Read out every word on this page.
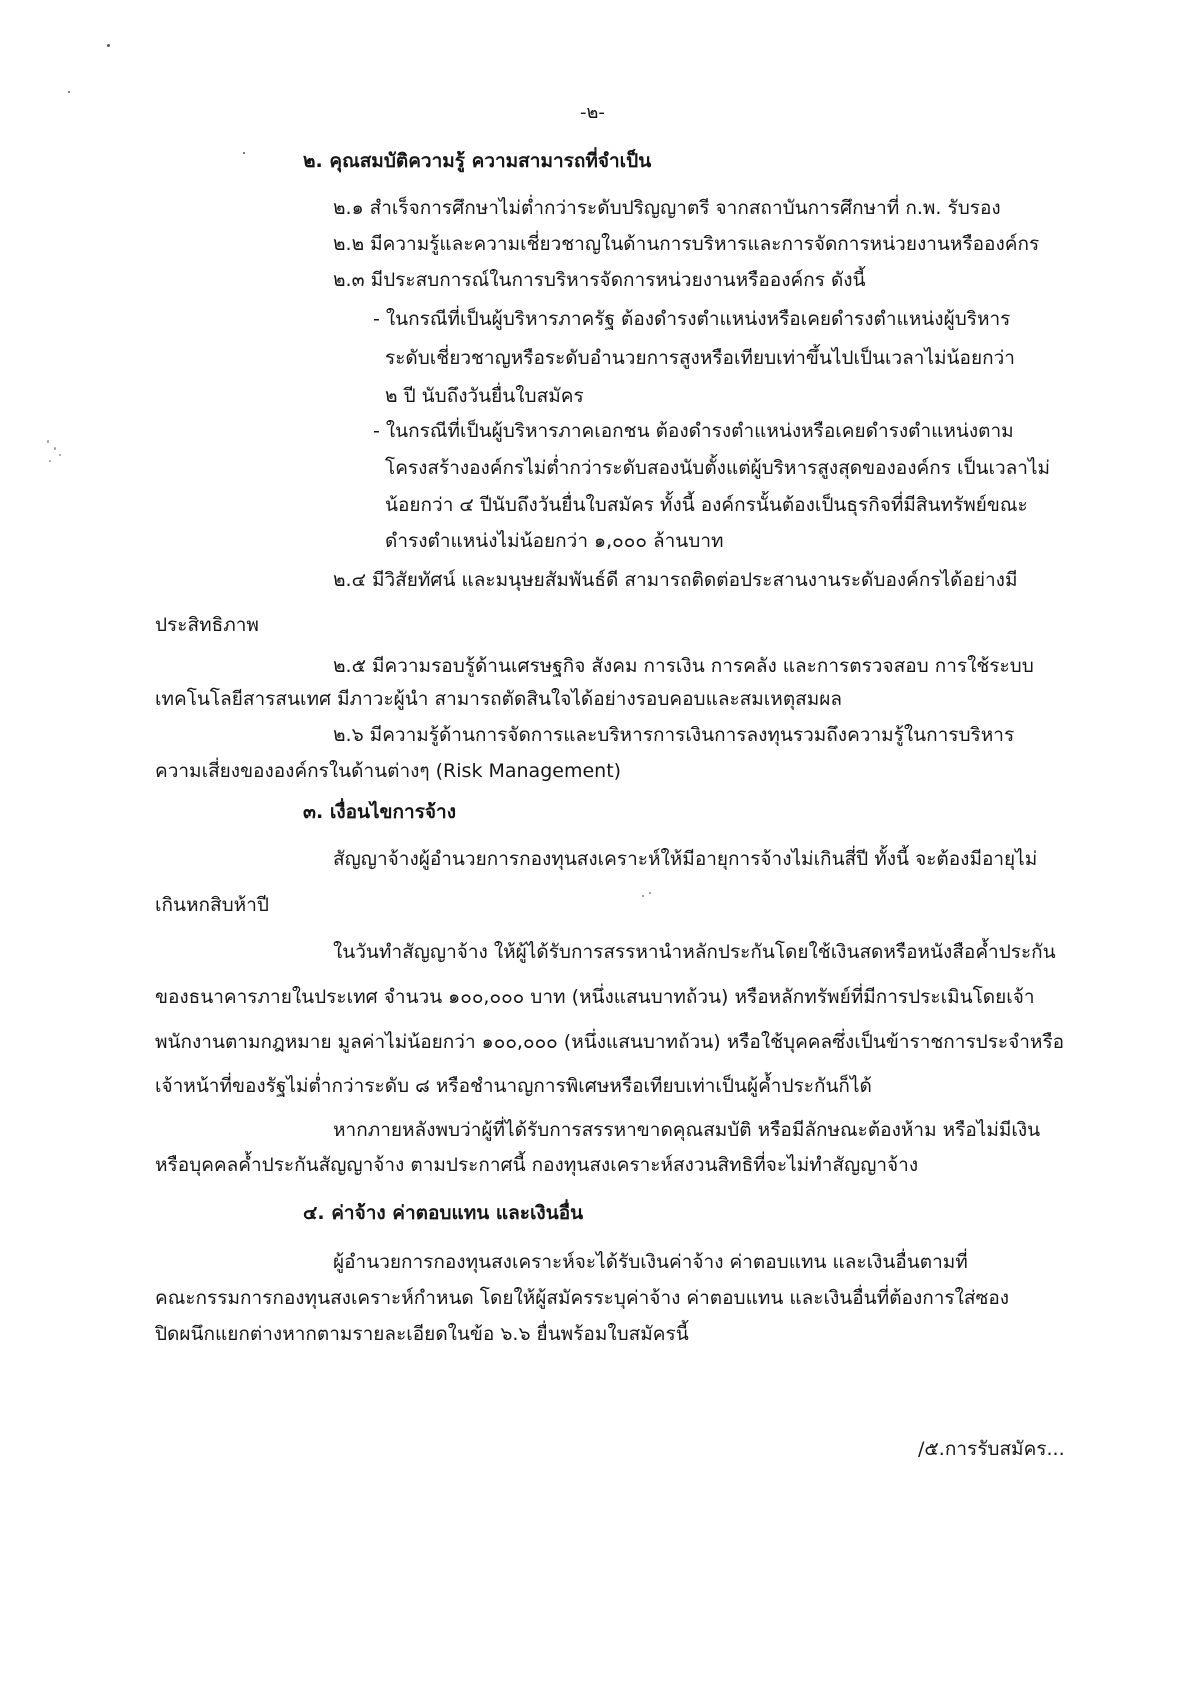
-๒-

๒. คุณสมบัติความรู้ ความสามารถที่จำเป็น

๒.๑ สำเร็จการศึกษาไม่ต่ำกว่าระดับปริญญาตรี จากสถาบันการศึกษาที่ ก.พ. รับรอง

๒.๒ มีความรู้และความเชี่ยวชาญในด้านการบริหารและการจัดการหน่วยงานหรือองค์กร

๒.๓ มีประสบการณ์ในการบริหารจัดการหน่วยงานหรือองค์กร ดังนี้

- ในกรณีที่เป็นผู้บริหารภาครัฐ ต้องดำรงตำแหน่งหรือเคยดำรงตำแหน่งผู้บริหาร

ระดับเชี่ยวชาญหรือระดับอำนวยการสูงหรือเทียบเท่าขึ้นไปเป็นเวลาไม่น้อยกว่า

๒ ปี นับถึงวันยื่นใบสมัคร

- ในกรณีที่เป็นผู้บริหารภาคเอกชน ต้องดำรงตำแหน่งหรือเคยดำรงตำแหน่งตาม

โครงสร้างองค์กรไม่ต่ำกว่าระดับสองนับตั้งแต่ผู้บริหารสูงสุดขององค์กร เป็นเวลาไม่

น้อยกว่า ๔ ปีนับถึงวันยื่นใบสมัคร ทั้งนี้ องค์กรนั้นต้องเป็นธุรกิจที่มีสินทรัพย์ขณะ

ดำรงตำแหน่งไม่น้อยกว่า ๑,๐๐๐ ล้านบาท

๒.๔ มีวิสัยทัศน์ และมนุษยสัมพันธ์ดี สามารถติดต่อประสานงานระดับองค์กรได้อย่างมี

ประสิทธิภาพ

๒.๕ มีความรอบรู้ด้านเศรษฐกิจ สังคม การเงิน การคลัง และการตรวจสอบ การใช้ระบบ

เทคโนโลยีสารสนเทศ มีภาวะผู้นำ สามารถตัดสินใจได้อย่างรอบคอบและสมเหตุสมผล

๒.๖ มีความรู้ด้านการจัดการและบริหารการเงินการลงทุนรวมถึงความรู้ในการบริหาร

ความเสี่ยงขององค์กรในด้านต่างๆ (Risk Management)

๓. เงื่อนไขการจ้าง

สัญญาจ้างผู้อำนวยการกองทุนสงเคราะห์ให้มีอายุการจ้างไม่เกินสี่ปี ทั้งนี้ จะต้องมีอายุไม่

เกินหกสิบห้าปี

ในวันทำสัญญาจ้าง ให้ผู้ได้รับการสรรหานำหลักประกันโดยใช้เงินสดหรือหนังสือค้ำประกัน

ของธนาคารภายในประเทศ จำนวน ๑๐๐,๐๐๐ บาท (หนึ่งแสนบาทถ้วน) หรือหลักทรัพย์ที่มีการประเมินโดยเจ้า

พนักงานตามกฎหมาย มูลค่าไม่น้อยกว่า ๑๐๐,๐๐๐ (หนึ่งแสนบาทถ้วน) หรือใช้บุคคลซึ่งเป็นข้าราชการประจำหรือ

เจ้าหน้าที่ของรัฐไม่ต่ำกว่าระดับ ๘ หรือชำนาญการพิเศษหรือเทียบเท่าเป็นผู้ค้ำประกันก็ได้

หากภายหลังพบว่าผู้ที่ได้รับการสรรหาขาดคุณสมบัติ หรือมีลักษณะต้องห้าม หรือไม่มีเงิน

หรือบุคคลค้ำประกันสัญญาจ้าง ตามประกาศนี้ กองทุนสงเคราะห์สงวนสิทธิที่จะไม่ทำสัญญาจ้าง

๔. ค่าจ้าง ค่าตอบแทน และเงินอื่น

ผู้อำนวยการกองทุนสงเคราะห์จะได้รับเงินค่าจ้าง ค่าตอบแทน และเงินอื่นตามที่

คณะกรรมการกองทุนสงเคราะห์กำหนด โดยให้ผู้สมัครระบุค่าจ้าง ค่าตอบแทน และเงินอื่นที่ต้องการใส่ซอง

ปิดผนึกแยกต่างหากตามรายละเอียดในข้อ ๖.๖ ยื่นพร้อมใบสมัครนี้

/๕.การรับสมัคร...
